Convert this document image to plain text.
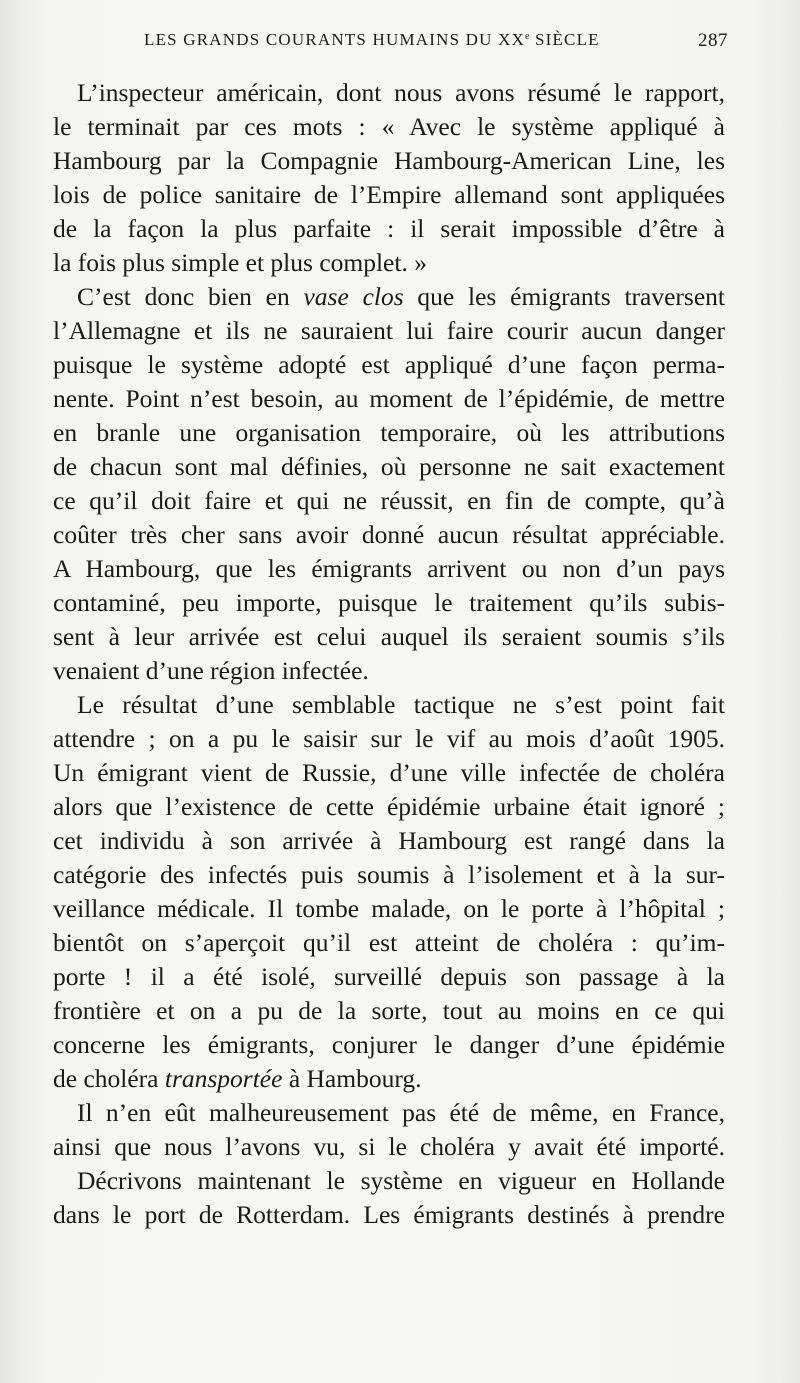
LES GRANDS COURANTS HUMAINS DU XXe SIÈCLE	287
L’inspecteur américain, dont nous avons résumé le rapport,
le terminait par ces mots : « Avec le système appliqué à
Hambourg par la Compagnie Hambourg-American Line, les
lois de police sanitaire de l’Empire allemand sont appliquées
de la façon la plus parfaite : il serait impossible d’être à
la fois plus simple et plus complet. »
C’est donc bien en vase clos que les émigrants traversent
l’Allemagne et ils ne sauraient lui faire courir aucun danger
puisque le système adopté est appliqué d’une façon perma-
nente. Point n’est besoin, au moment de l’épidémie, de mettre
en branle une organisation temporaire, où les attributions
de chacun sont mal définies, où personne ne sait exactement
ce qu’il doit faire et qui ne réussit, en fin de compte, qu’à
coûter très cher sans avoir donné aucun résultat appréciable.
A Hambourg, que les émigrants arrivent ou non d’un pays
contaminé, peu importe, puisque le traitement qu’ils subis-
sent à leur arrivée est celui auquel ils seraient soumis s’ils
venaient d’une région infectée.
Le résultat d’une semblable tactique ne s’est point fait
attendre ; on a pu le saisir sur le vif au mois d’août 1905.
Un émigrant vient de Russie, d’une ville infectée de choléra
alors que l’existence de cette épidémie urbaine était ignoré ;
cet individu à son arrivée à Hambourg est rangé dans la
catégorie des infectés puis soumis à l’isolement et à la sur-
veillance médicale. Il tombe malade, on le porte à l’hôpital ;
bientôt on s’aperçoit qu’il est atteint de choléra : qu’im-
porte ! il a été isolé, surveillé depuis son passage à la
frontière et on a pu de la sorte, tout au moins en ce qui
concerne les émigrants, conjurer le danger d’une épidémie
de choléra transportée à Hambourg.
Il n’en eût malheureusement pas été de même, en France,
ainsi que nous l’avons vu, si le choléra y avait été importé.
Décrivons maintenant le système en vigueur en Hollande
dans le port de Rotterdam. Les émigrants destinés à prendre
